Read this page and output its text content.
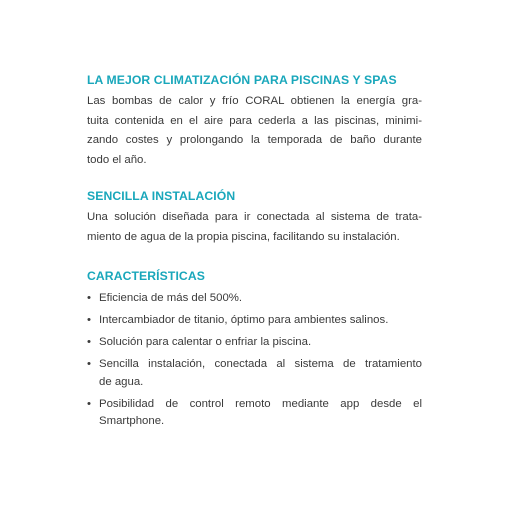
LA MEJOR CLIMATIZACIÓN PARA PISCINAS Y SPAS

Las bombas de calor y frío CORAL obtienen la energía gra-
tuita contenida en el aire para cederla a las piscinas, minimi-
zando costes y prolongando la temporada de baño durante
todo el año.

SENCILLA INSTALACIÓN

Una solución diseñada para ir conectada al sistema de trata-
miento de agua de la propia piscina, facilitando su instalación.

CARACTERÍSTICAS
• Eficiencia de más del 500%.
• Intercambiador de titanio, óptimo para ambientes salinos.
• Solución para calentar o enfriar la piscina.
• Sencilla instalación, conectada al sistema de tratamiento
de agua.
• Posibilidad de control remoto mediante app desde el
Smartphone.
